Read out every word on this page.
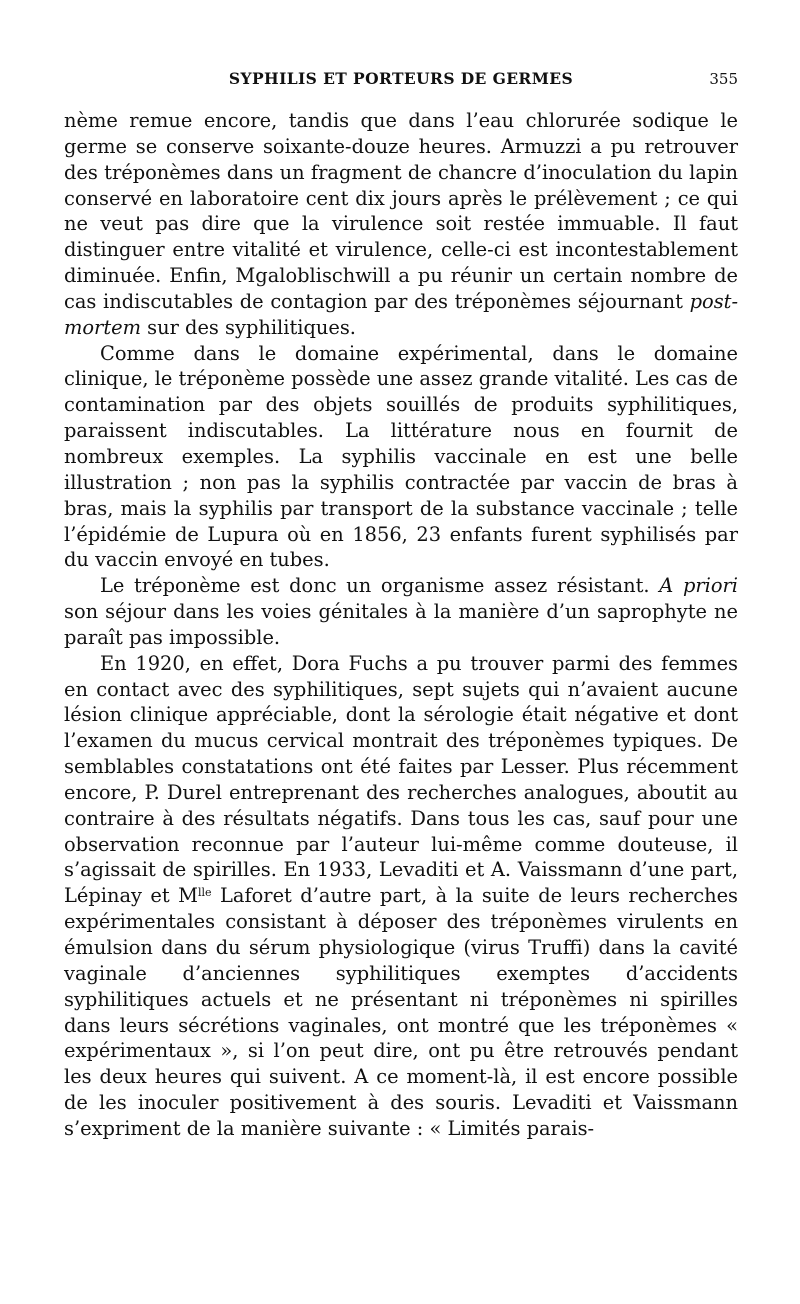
SYPHILIS ET PORTEURS DE GERMES	355

nème remue encore, tandis que dans l’eau chlorurée sodique le germe se conserve soixante-douze heures. Armuzzi a pu retrouver des tréponèmes dans un fragment de chancre d’inoculation du lapin conservé en laboratoire cent dix jours après le prélèvement ; ce qui ne veut pas dire que la virulence soit restée immuable. Il faut distinguer entre vitalité et virulence, celle-ci est incontestablement diminuée. Enfin, Mgaloblischwill a pu réunir un certain nombre de cas indiscutables de contagion par des tréponèmes séjournant post-mortem sur des syphilitiques.

Comme dans le domaine expérimental, dans le domaine clinique, le tréponème possède une assez grande vitalité. Les cas de contamination par des objets souillés de produits syphilitiques, paraissent indiscutables. La littérature nous en fournit de nombreux exemples. La syphilis vaccinale en est une belle illustration ; non pas la syphilis contractée par vaccin de bras à bras, mais la syphilis par transport de la substance vaccinale ; telle l’épidémie de Lupura où en 1856, 23 enfants furent syphilisés par du vaccin envoyé en tubes.

Le tréponème est donc un organisme assez résistant. A priori son séjour dans les voies génitales à la manière d’un saprophyte ne paraît pas impossible.

En 1920, en effet, Dora Fuchs a pu trouver parmi des femmes en contact avec des syphilitiques, sept sujets qui n’avaient aucune lésion clinique appréciable, dont la sérologie était négative et dont l’examen du mucus cervical montrait des tréponèmes typiques. De semblables constatations ont été faites par Lesser. Plus récemment encore, P. Durel entreprenant des recherches analogues, aboutit au contraire à des résultats négatifs. Dans tous les cas, sauf pour une observation reconnue par l’auteur lui-même comme douteuse, il s’agissait de spirilles. En 1933, Levaditi et A. Vaissmann d’une part, Lépinay et $M^{lle}$ Laforet d’autre part, à la suite de leurs recherches expérimentales consistant à déposer des tréponèmes virulents en émulsion dans du sérum physiologique (virus Truffi) dans la cavité vaginale d’anciennes syphilitiques exemptes d’accidents syphilitiques actuels et ne présentant ni tréponèmes ni spirilles dans leurs sécrétions vaginales, ont montré que les tréponèmes « expérimentaux », si l’on peut dire, ont pu être retrouvés pendant les deux heures qui suivent. A ce moment-là, il est encore possible de les inoculer positivement à des souris. Levaditi et Vaissmann s’expriment de la manière suivante : « Limités parais-
